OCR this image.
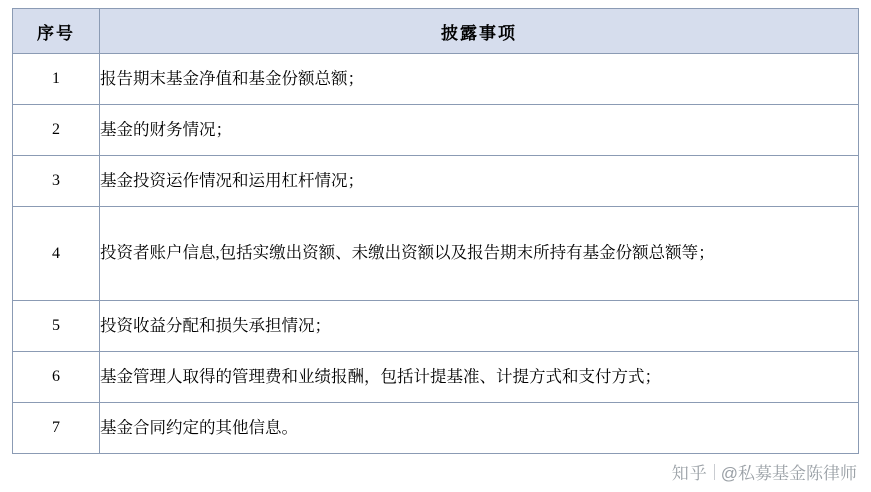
序号	披露事项
1	报告期末基金净值和基金份额总额；
2	基金的财务情况；
3	基金投资运作情况和运用杠杆情况；
4	投资者账户信息,包括实缴出资额、未缴出资额以及报告期末所持有基金份额总额等；
5	投资收益分配和损失承担情况；
6	基金管理人取得的管理费和业绩报酬，包括计提基准、计提方式和支付方式；
7	基金合同约定的其他信息。
知乎 @私募基金陈律师
